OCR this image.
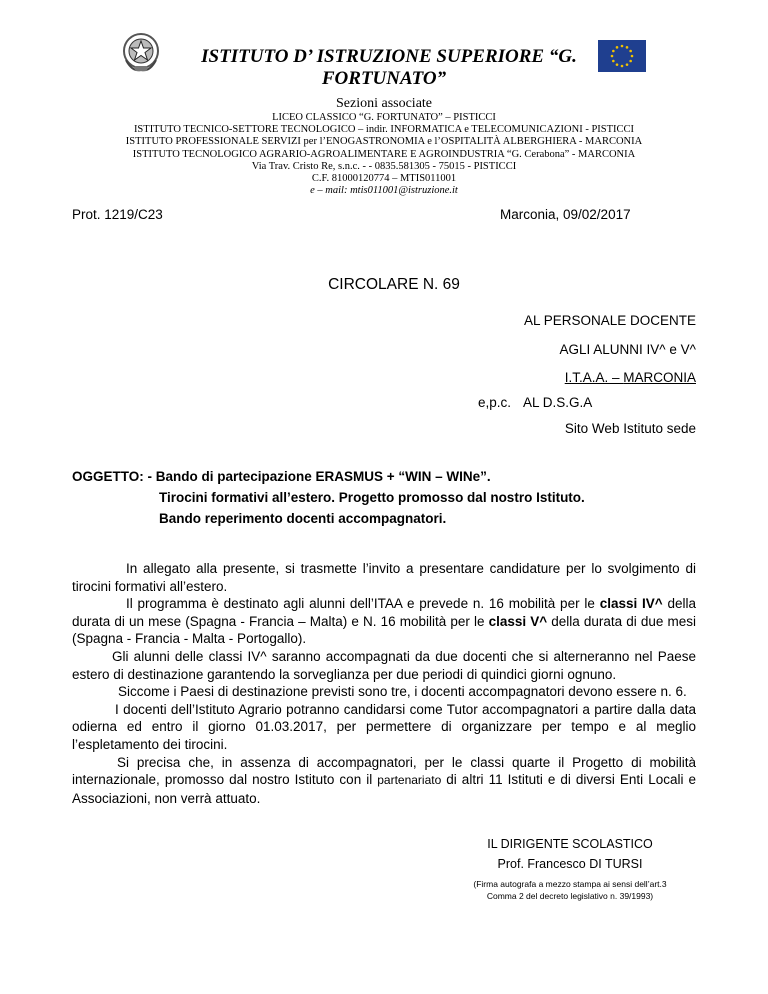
ISTITUTO D’ ISTRUZIONE SUPERIORE “G.
FORTUNATO”
Sezioni associate
LICEO CLASSICO “G. FORTUNATO” – PISTICCI
ISTITUTO TECNICO-SETTORE TECNOLOGICO – indir. INFORMATICA e TELECOMUNICAZIONI - PISTICCI
ISTITUTO PROFESSIONALE SERVIZI per l’ENOGASTRONOMIA e l’OSPITALITÀ ALBERGHIERA - MARCONIA
ISTITUTO TECNOLOGICO AGRARIO-AGROALIMENTARE E AGROINDUSTRIA “G. Cerabona” - MARCONIA
Via Trav. Cristo Re, s.n.c. - - 0835.581305 - 75015 - PISTICCI
C.F. 81000120774 – MTIS011001
e – mail: mtis011001@istruzione.it
Prot. 1219/C23	Marconia, 09/02/2017
CIRCOLARE N. 69
AL PERSONALE DOCENTE
AGLI ALUNNI IV^ e V^
I.T.A.A. – MARCONIA
e,p.c. AL D.S.G.A
Sito Web Istituto sede
OGGETTO: - Bando di partecipazione ERASMUS + “WIN – WINe”.
Tirocini formativi all’estero. Progetto promosso dal nostro Istituto.
Bando reperimento docenti accompagnatori.

In allegato alla presente, si trasmette l’invito a presentare candidature per lo svolgimento di tirocini formativi all’estero.

Il programma è destinato agli alunni dell’ITAA e prevede n. 16 mobilità per le classi IV^ della durata di un mese (Spagna - Francia – Malta) e N. 16 mobilità per le classi V^ della durata di due mesi (Spagna - Francia - Malta - Portogallo).

Gli alunni delle classi IV^ saranno accompagnati da due docenti che si alterneranno nel Paese estero di destinazione garantendo la sorveglianza per due periodi di quindici giorni ognuno.

Siccome i Paesi di destinazione previsti sono tre, i docenti accompagnatori devono essere n. 6.

I docenti dell’Istituto Agrario potranno candidarsi come Tutor accompagnatori a partire dalla data odierna ed entro il giorno 01.03.2017, per permettere di organizzare per tempo e al meglio l’espletamento dei tirocini.

Si precisa che, in assenza di accompagnatori, per le classi quarte il Progetto di mobilità internazionale, promosso dal nostro Istituto con il partenariato di altri 11 Istituti e di diversi Enti Locali e Associazioni, non verrà attuato.

IL DIRIGENTE SCOLASTICO
Prof. Francesco DI TURSI
(Firma autografa a mezzo stampa ai sensi dell’art.3
Comma 2 del decreto legislativo n. 39/1993)
